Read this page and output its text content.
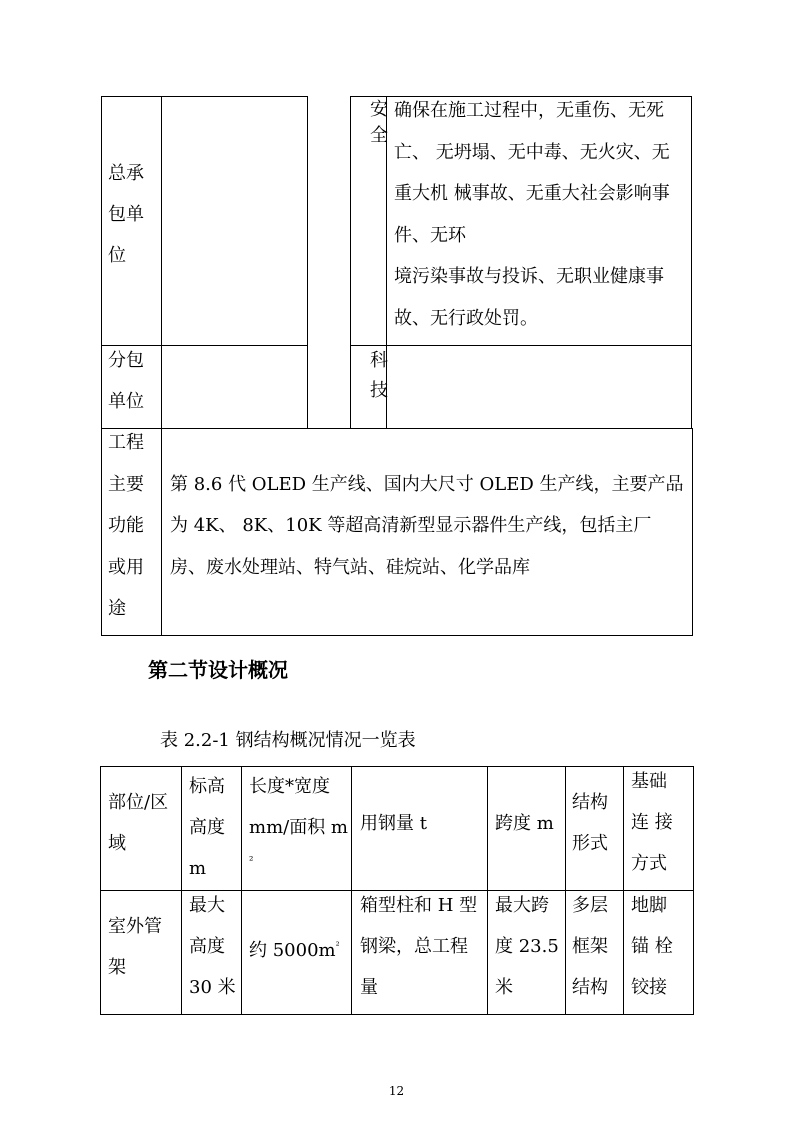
总承包单位
分包单位
安全
科技
确保在施工过程中，无重伤、无死
亡、 无坍塌、无中毒、无火灾、无
重大机 械事故、无重大社会影响事
件、无环
境污染事故与投诉、无职业健康事
故、无行政处罚。
工程
主要
功能
或用
途
第 8.6 代 OLED 生产线、国内大尺寸 OLED 生产线，主要产品
为 4K、 8K、10K 等超高清新型显示器件生产线，包括主厂
房、废水处理站、特气站、硅烷站、化学品库
第二节设计概况
表 2.2-1 钢结构概况情况一览表
部位/区
域
标高
高度
m
长度*宽度
mm/面积 m
²
用钢量 t	跨度 m
结构
形式
基础
连 接
方式
室外管
架
最大
高度
30 米
约 $5000m^{^2}$
箱型柱和 H 型
钢梁，总工程
量
最大跨
度 23.5
米
多层
框架
结构
地脚
锚 栓
铰接
12
